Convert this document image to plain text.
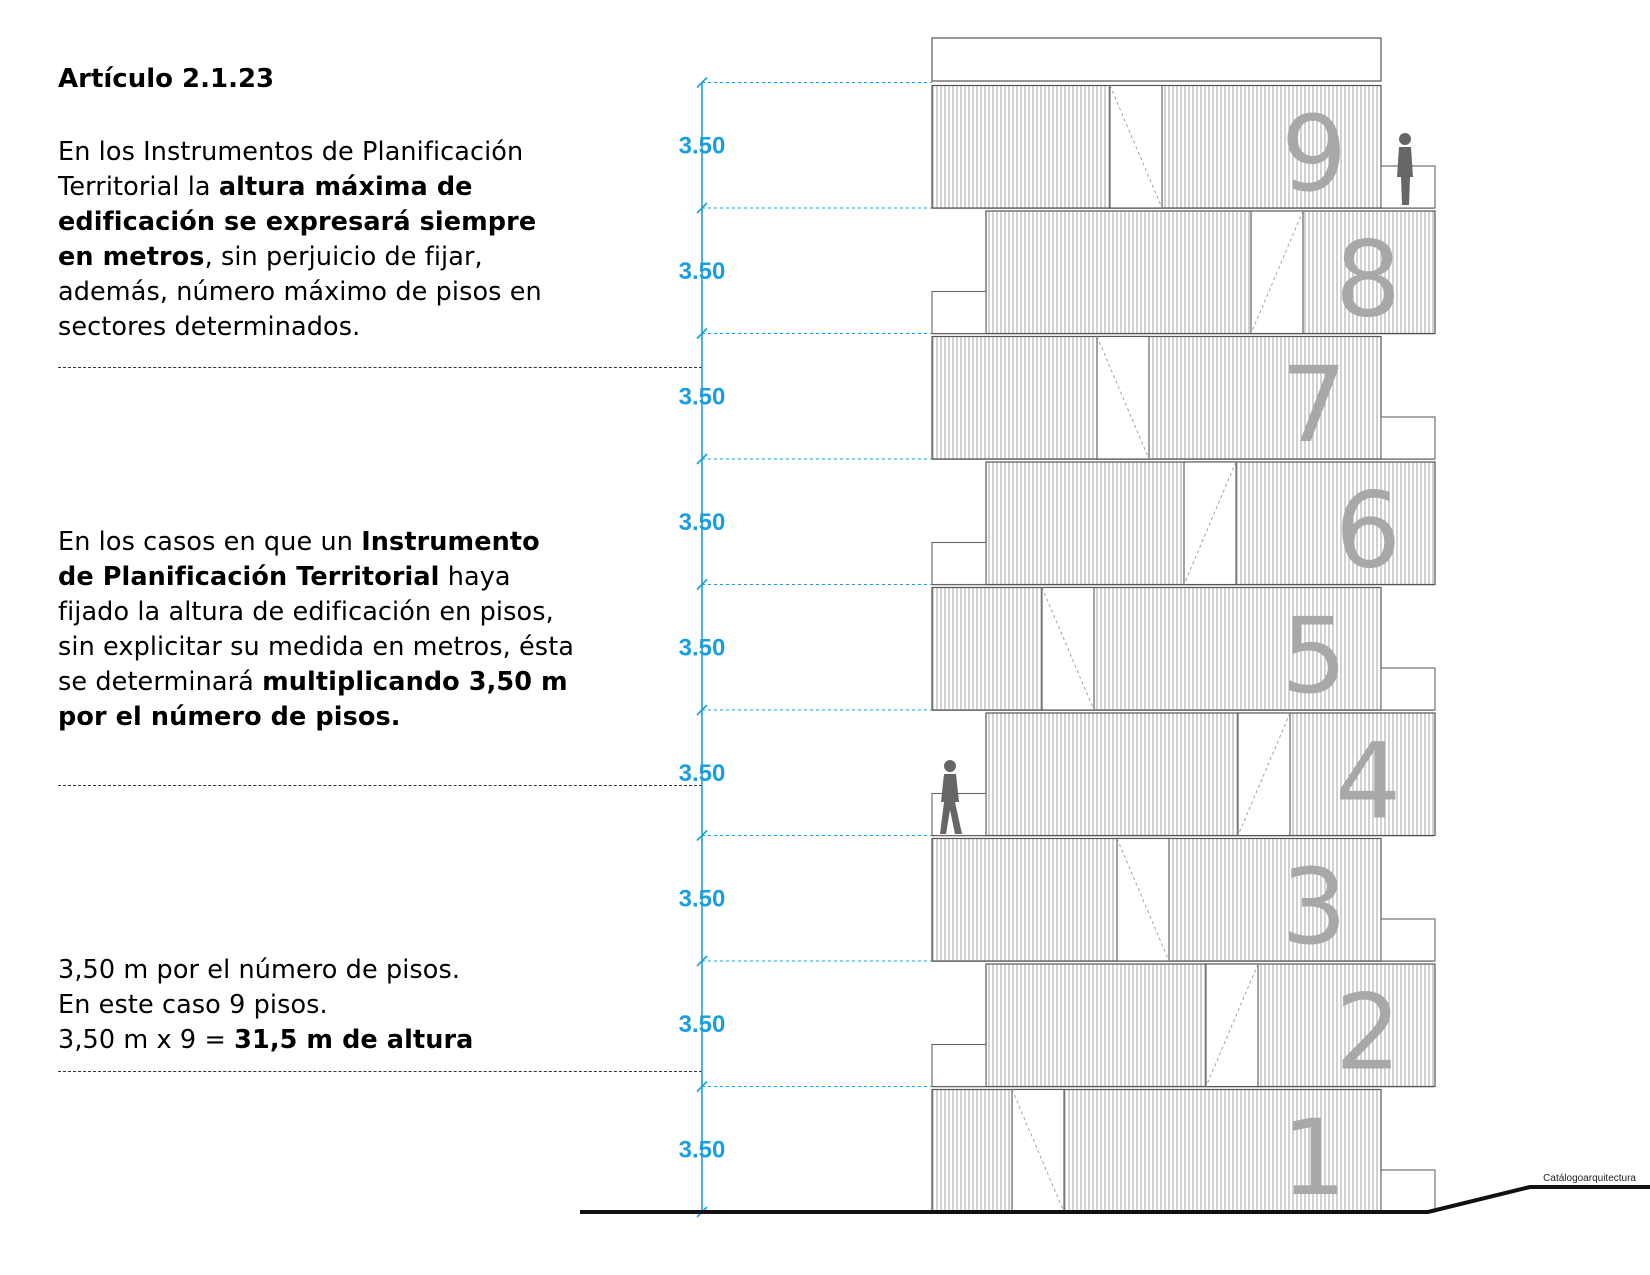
Artículo 2.1.23
En los Instrumentos de Planificación Territorial la altura máxima de edificación se expresará siempre en metros, sin perjuicio de fijar, además, número máximo de pisos en sectores determinados.
En los casos en que un Instrumento de Planificación Territorial haya fijado la altura de edificación en pisos, sin explicitar su medida en metros, ésta se determinará multiplicando 3,50 m por el número de pisos.
3,50 m por el número de pisos.
En este caso 9 pisos.
3,50 m x 9 = 31,5 m de altura
1
2
3
4
5
6
7
8
9
3.50
3.50
3.50
3.50
3.50
3.50
3.50
3.50
3.50
Catálogoarquitectura
